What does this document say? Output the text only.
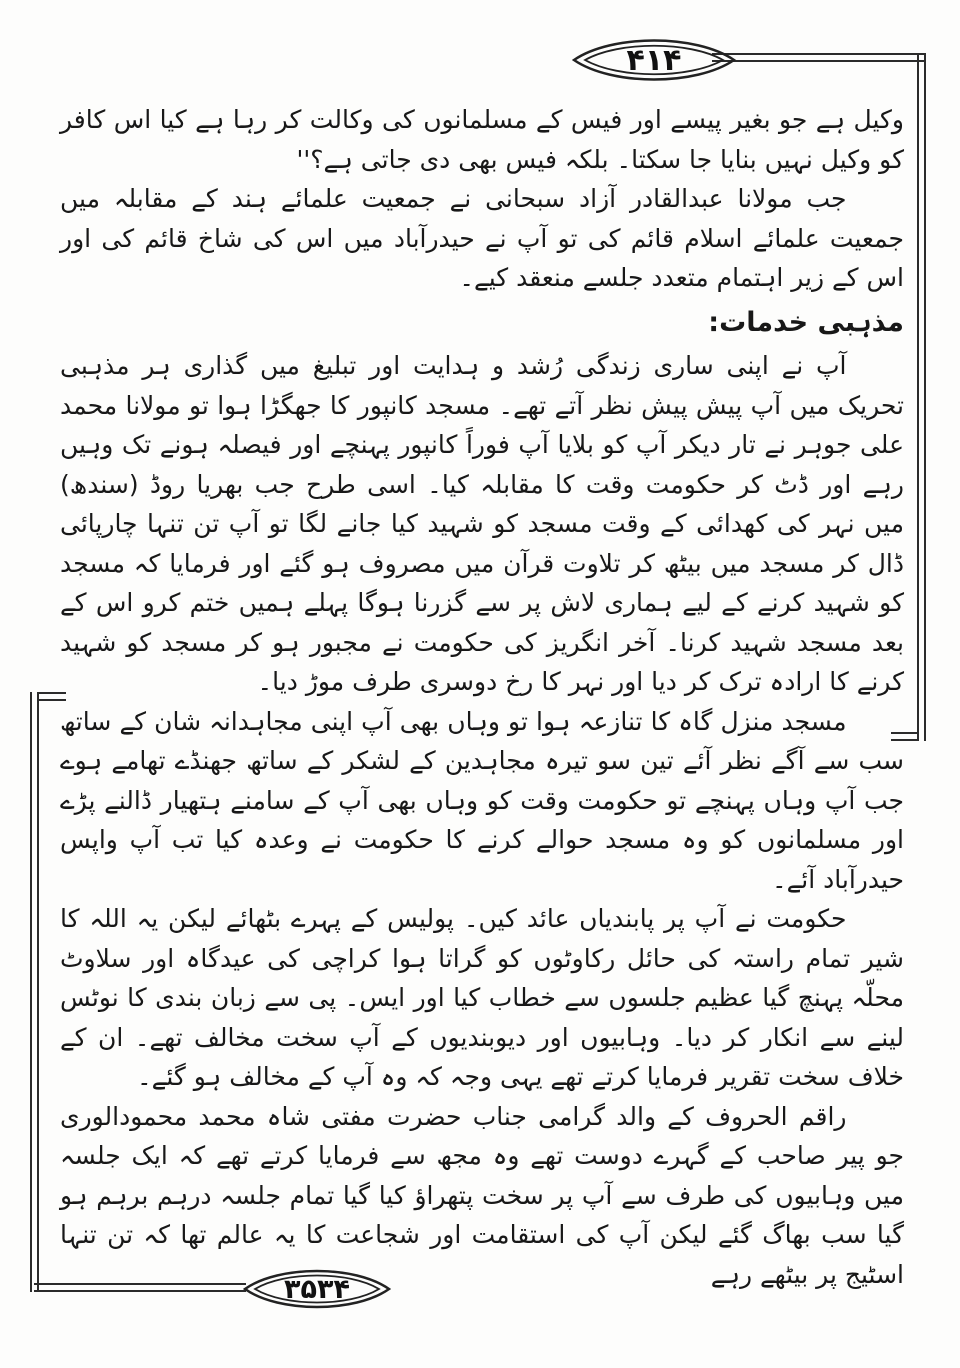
۴۱۴
۳۵۳۴

وکیل ہے جو بغیر پیسے اور فیس کے مسلمانوں کی وکالت کر رہا ہے کیا اس کافر کو وکیل نہیں بنایا جا سکتا۔ بلکہ فیس بھی دی جاتی ہے؟''

جب مولانا عبدالقادر آزاد سبحانی نے جمعیت علمائے ہند کے مقابلہ میں جمعیت علمائے اسلام قائم کی تو آپ نے حیدرآباد میں اس کی شاخ قائم کی اور اس کے زیر اہتمام متعدد جلسے منعقد کیے۔

مذہبی خدمات:

آپ نے اپنی ساری زندگی رُشد و ہدایت اور تبلیغ میں گذاری ہر مذہبی تحریک میں آپ پیش پیش نظر آتے تھے۔ مسجد کانپور کا جھگڑا ہوا تو مولانا محمد علی جوہر نے تار دیکر آپ کو بلایا آپ فوراً کانپور پہنچے اور فیصلہ ہونے تک وہیں رہے اور ڈٹ کر حکومت وقت کا مقابلہ کیا۔ اسی طرح جب بھریا روڈ (سندھ) میں نہر کی کھدائی کے وقت مسجد کو شہید کیا جانے لگا تو آپ تن تنہا چارپائی ڈال کر مسجد میں بیٹھ کر تلاوت قرآن میں مصروف ہو گئے اور فرمایا کہ مسجد کو شہید کرنے کے لیے ہماری لاش پر سے گزرنا ہوگا پہلے ہمیں ختم کرو اس کے بعد مسجد شہید کرنا۔ آخر انگریز کی حکومت نے مجبور ہو کر مسجد کو شہید کرنے کا ارادہ ترک کر دیا اور نہر کا رخ دوسری طرف موڑ دیا۔

مسجد منزل گاہ کا تنازعہ ہوا تو وہاں بھی آپ اپنی مجاہدانہ شان کے ساتھ سب سے آگے نظر آئے تین سو تیرہ مجاہدین کے لشکر کے ساتھ جھنڈے تھامے ہوے جب آپ وہاں پہنچے تو حکومت وقت کو وہاں بھی آپ کے سامنے ہتھیار ڈالنے پڑے اور مسلمانوں کو وہ مسجد حوالے کرنے کا حکومت نے وعدہ کیا تب آپ واپس حیدرآباد آئے۔

حکومت نے آپ پر پابندیاں عائد کیں۔ پولیس کے پہرے بٹھائے لیکن یہ اللہ کا شیر تمام راستہ کی حائل رکاوٹوں کو گراتا ہوا کراچی کی عیدگاہ اور سلاوٹ محلّہ پہنچ گیا عظیم جلسوں سے خطاب کیا اور ایس۔ پی سے زبان بندی کا نوٹس لینے سے انکار کر دیا۔ وہابیوں اور دیوبندیوں کے آپ سخت مخالف تھے۔ ان کے خلاف سخت تقریر فرمایا کرتے تھے یہی وجہ کہ وہ آپ کے مخالف ہو گئے۔

راقم الحروف کے والد گرامی جناب حضرت مفتی شاہ محمد محمودالوری جو پیر صاحب کے گہرے دوست تھے وہ مجھ سے فرمایا کرتے تھے کہ ایک جلسہ میں وہابیوں کی طرف سے آپ پر سخت پتھراؤ کیا گیا تمام جلسہ درہم برہم ہو گیا سب بھاگ گئے لیکن آپ کی استقامت اور شجاعت کا یہ عالم تھا کہ تن تنہا اسٹیج پر بیٹھے رہے
